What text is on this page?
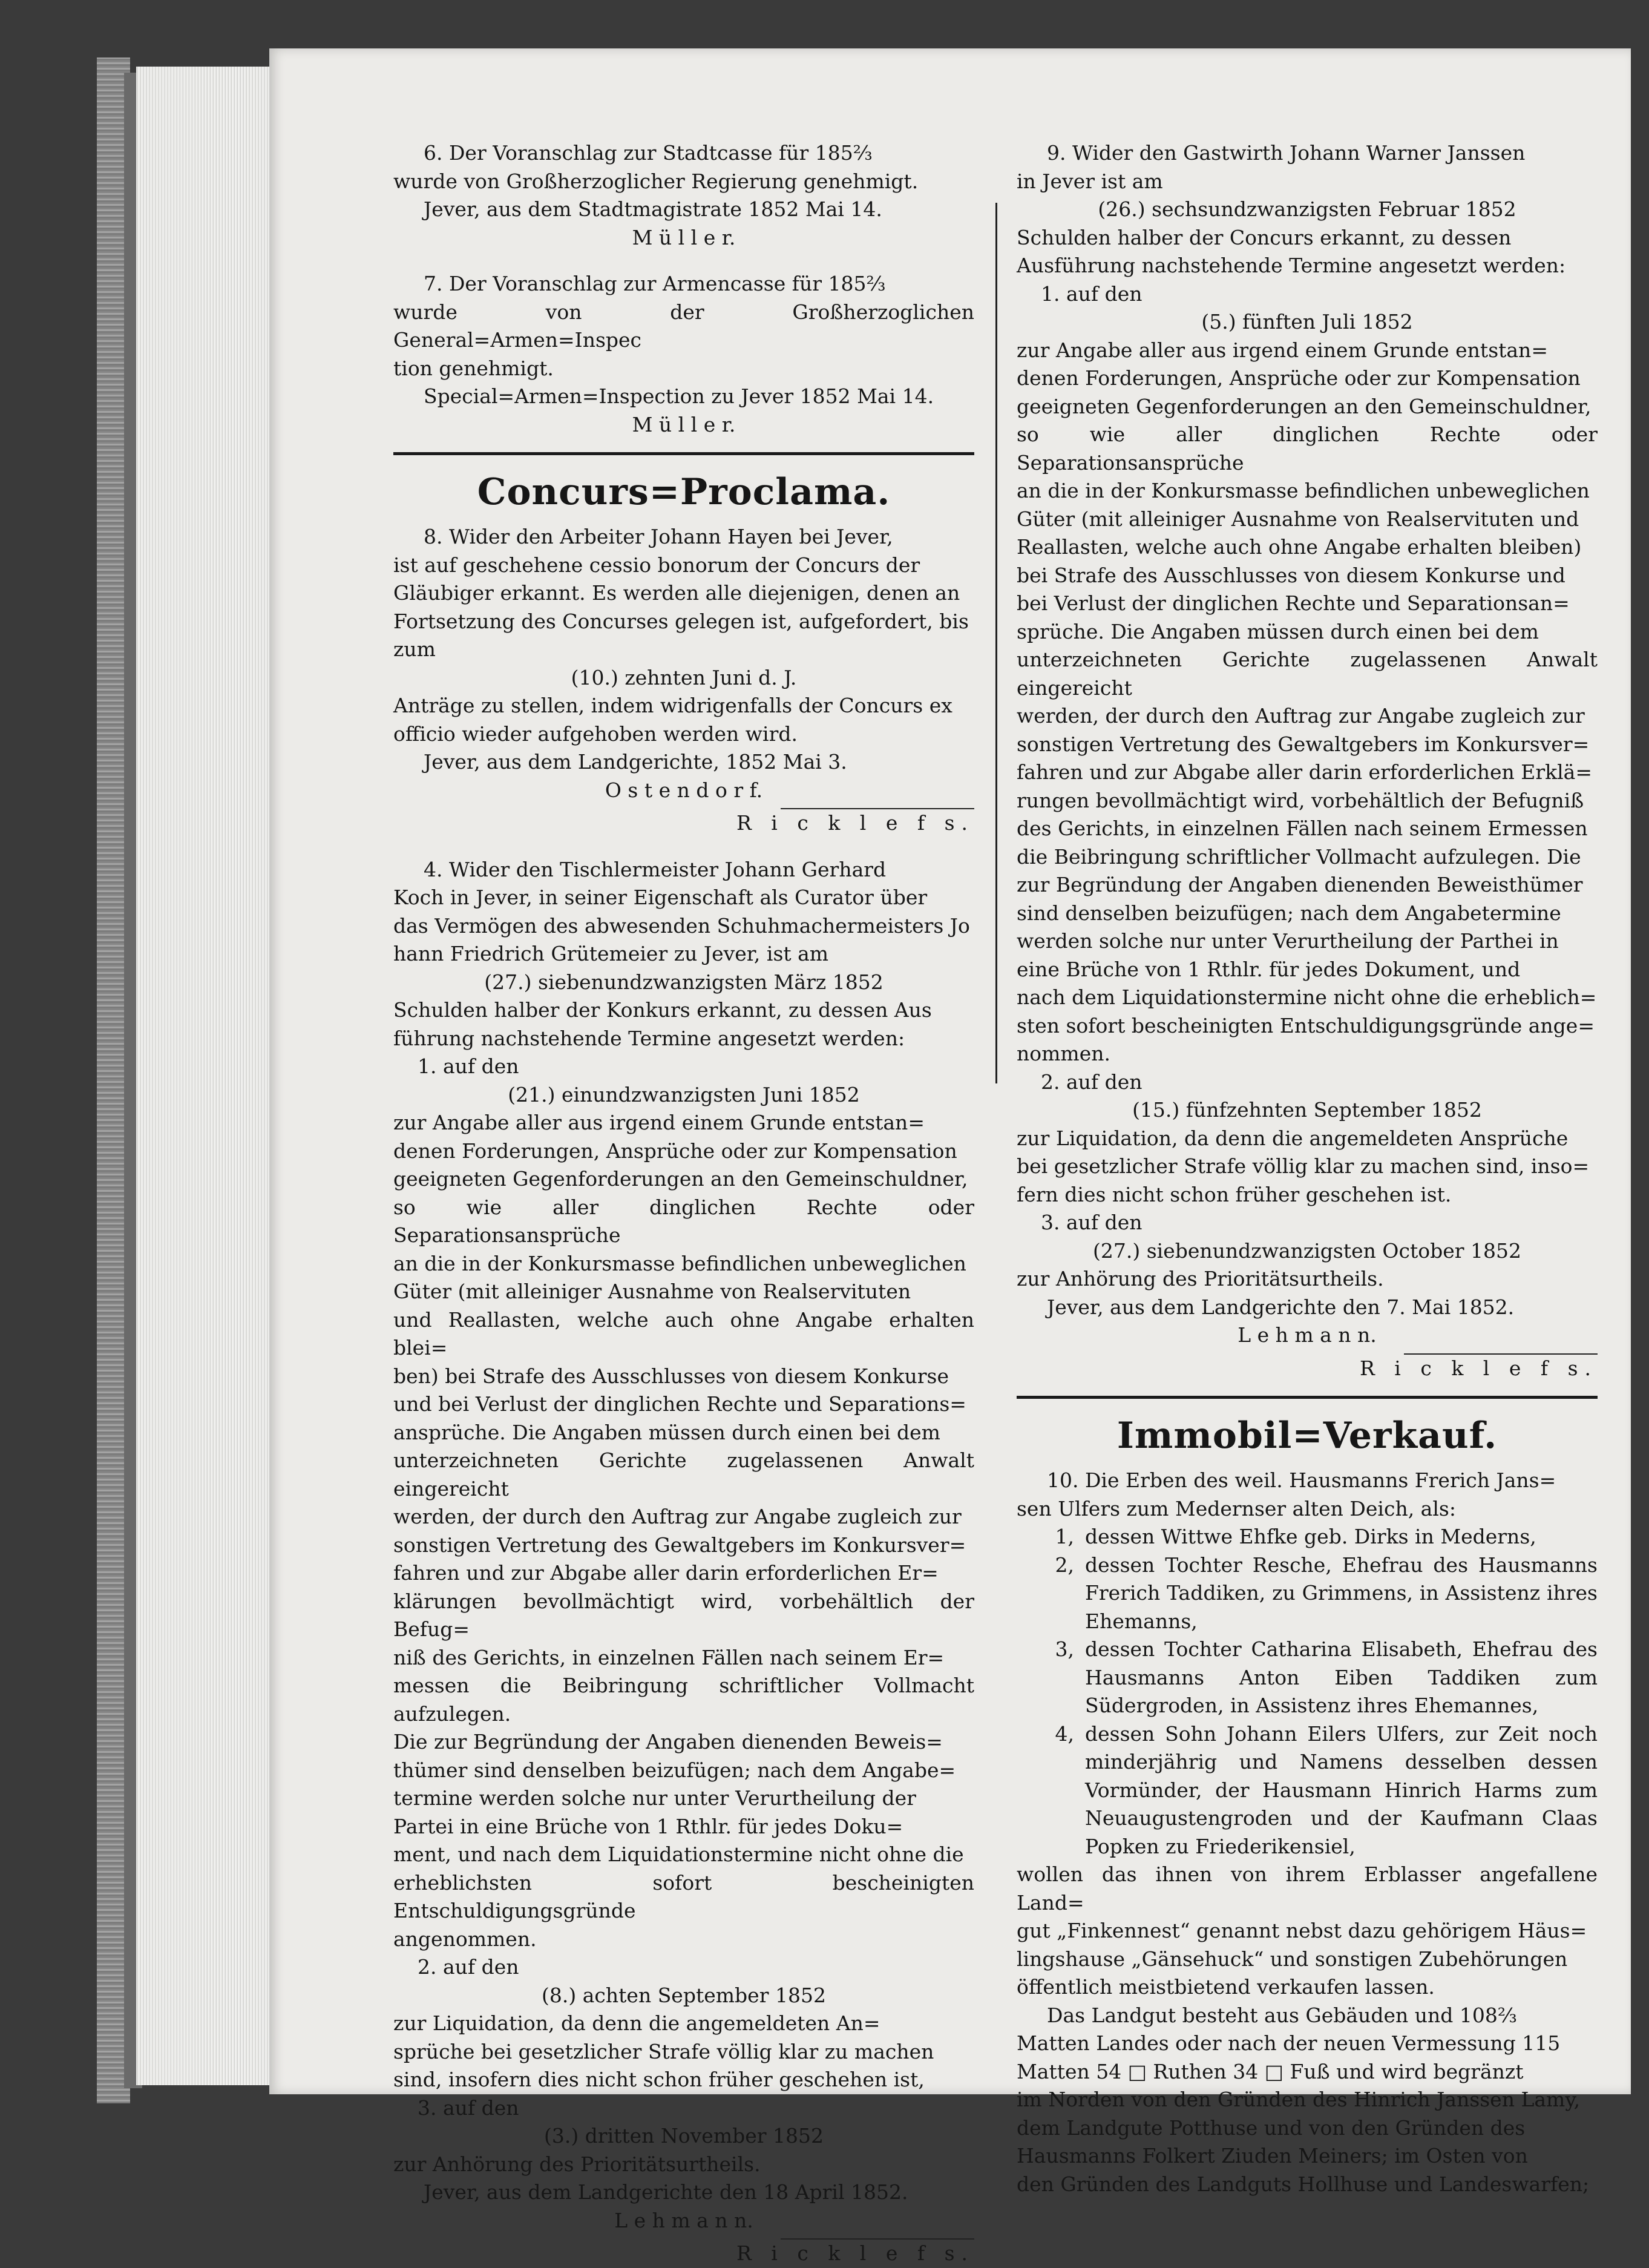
6. Der Voranschlag zur Stadtcasse für 185⅔

wurde von Großherzoglicher Regierung genehmigt.

Jever, aus dem Stadtmagistrate 1852 Mai 14.

M ü l l e r.

7. Der Voranschlag zur Armencasse für 185⅔

wurde von der Großherzoglichen General=Armen=Inspec

tion genehmigt.

Special=Armen=Inspection zu Jever 1852 Mai 14.

M ü l l e r.

Concurs=Proclama.

8. Wider den Arbeiter Johann Hayen bei Jever,

ist auf geschehene cessio bonorum der Concurs der

Gläubiger erkannt. Es werden alle diejenigen, denen an

Fortsetzung des Concurses gelegen ist, aufgefordert, bis

zum

(10.) zehnten Juni d. J.

Anträge zu stellen, indem widrigenfalls der Concurs ex

officio wieder aufgehoben werden wird.

Jever, aus dem Landgerichte, 1852 Mai 3.

O s t e n d o r f.

R i c k l e f s.

4. Wider den Tischlermeister Johann Gerhard

Koch in Jever, in seiner Eigenschaft als Curator über

das Vermögen des abwesenden Schuhmachermeisters Jo

hann Friedrich Grütemeier zu Jever, ist am

(27.) siebenundzwanzigsten März 1852

Schulden halber der Konkurs erkannt, zu dessen Aus

führung nachstehende Termine angesetzt werden:

1. auf den

(21.) einundzwanzigsten Juni 1852

zur Angabe aller aus irgend einem Grunde entstan=

denen Forderungen, Ansprüche oder zur Kompensation

geeigneten Gegenforderungen an den Gemeinschuldner,

so wie aller dinglichen Rechte oder Separationsansprüche

an die in der Konkursmasse befindlichen unbeweglichen

Güter (mit alleiniger Ausnahme von Realservituten

und Reallasten, welche auch ohne Angabe erhalten blei=

ben) bei Strafe des Ausschlusses von diesem Konkurse

und bei Verlust der dinglichen Rechte und Separations=

ansprüche. Die Angaben müssen durch einen bei dem

unterzeichneten Gerichte zugelassenen Anwalt eingereicht

werden, der durch den Auftrag zur Angabe zugleich zur

sonstigen Vertretung des Gewaltgebers im Konkursver=

fahren und zur Abgabe aller darin erforderlichen Er=

klärungen bevollmächtigt wird, vorbehältlich der Befug=

niß des Gerichts, in einzelnen Fällen nach seinem Er=

messen die Beibringung schriftlicher Vollmacht aufzulegen.

Die zur Begründung der Angaben dienenden Beweis=

thümer sind denselben beizufügen; nach dem Angabe=

termine werden solche nur unter Verurtheilung der

Partei in eine Brüche von 1 Rthlr. für jedes Doku=

ment, und nach dem Liquidationstermine nicht ohne die

erheblichsten sofort bescheinigten Entschuldigungsgründe

angenommen.

2. auf den

(8.) achten September 1852

zur Liquidation, da denn die angemeldeten An=

sprüche bei gesetzlicher Strafe völlig klar zu machen

sind, insofern dies nicht schon früher geschehen ist,

3. auf den

(3.) dritten November 1852

zur Anhörung des Prioritätsurtheils.

Jever, aus dem Landgerichte den 18 April 1852.

L e h m a n n.

R i c k l e f s.

9. Wider den Gastwirth Johann Warner Janssen

in Jever ist am

(26.) sechsundzwanzigsten Februar 1852

Schulden halber der Concurs erkannt, zu dessen

Ausführung nachstehende Termine angesetzt werden:

1. auf den

(5.) fünften Juli 1852

zur Angabe aller aus irgend einem Grunde entstan=

denen Forderungen, Ansprüche oder zur Kompensation

geeigneten Gegenforderungen an den Gemeinschuldner,

so wie aller dinglichen Rechte oder Separationsansprüche

an die in der Konkursmasse befindlichen unbeweglichen

Güter (mit alleiniger Ausnahme von Realservituten und

Reallasten, welche auch ohne Angabe erhalten bleiben)

bei Strafe des Ausschlusses von diesem Konkurse und

bei Verlust der dinglichen Rechte und Separationsan=

sprüche. Die Angaben müssen durch einen bei dem

unterzeichneten Gerichte zugelassenen Anwalt eingereicht

werden, der durch den Auftrag zur Angabe zugleich zur

sonstigen Vertretung des Gewaltgebers im Konkursver=

fahren und zur Abgabe aller darin erforderlichen Erklä=

rungen bevollmächtigt wird, vorbehältlich der Befugniß

des Gerichts, in einzelnen Fällen nach seinem Ermessen

die Beibringung schriftlicher Vollmacht aufzulegen. Die

zur Begründung der Angaben dienenden Beweisthümer

sind denselben beizufügen; nach dem Angabetermine

werden solche nur unter Verurtheilung der Parthei in

eine Brüche von 1 Rthlr. für jedes Dokument, und

nach dem Liquidationstermine nicht ohne die erheblich=

sten sofort bescheinigten Entschuldigungsgründe ange=

nommen.

2. auf den

(15.) fünfzehnten September 1852

zur Liquidation, da denn die angemeldeten Ansprüche

bei gesetzlicher Strafe völlig klar zu machen sind, inso=

fern dies nicht schon früher geschehen ist.

3. auf den

(27.) siebenundzwanzigsten October 1852

zur Anhörung des Prioritätsurtheils.

Jever, aus dem Landgerichte den 7. Mai 1852.

L e h m a n n.

R i c k l e f s.

Immobil=Verkauf.

10. Die Erben des weil. Hausmanns Frerich Jans=

sen Ulfers zum Medernser alten Deich, als:

1, dessen Wittwe Ehfke geb. Dirks in Mederns,
2, dessen Tochter Resche, Ehefrau des Hausmanns Frerich Taddiken, zu Grimmens, in Assistenz ihres Ehemanns,
3, dessen Tochter Catharina Elisabeth, Ehefrau des Hausmanns Anton Eiben Taddiken zum Südergroden, in Assistenz ihres Ehemannes,
4, dessen Sohn Johann Eilers Ulfers, zur Zeit noch minderjährig und Namens desselben dessen Vormünder, der Hausmann Hinrich Harms zum Neuaugustengroden und der Kaufmann Claas Popken zu Friederikensiel,

wollen das ihnen von ihrem Erblasser angefallene Land=

gut „Finkennest“ genannt nebst dazu gehörigem Häus=

lingshause „Gänsehuck“ und sonstigen Zubehörungen

öffentlich meistbietend verkaufen lassen.

Das Landgut besteht aus Gebäuden und 108⅔

Matten Landes oder nach der neuen Vermessung 115

Matten 54 □ Ruthen 34 □ Fuß und wird begränzt

im Norden von den Gründen des Hinrich Janssen Lamy,

dem Landgute Potthuse und von den Gründen des

Hausmanns Folkert Ziuden Meiners; im Osten von

den Gründen des Landguts Hollhuse und Landeswarfen;
